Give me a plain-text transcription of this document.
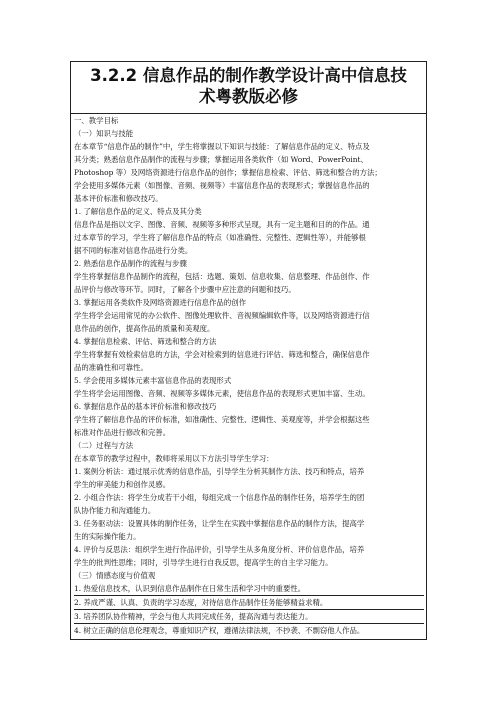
3.2.2 信息作品的制作教学设计高中信息技
术粤教版必修

一、教学目标
（一）知识与技能
在本章节“信息作品的制作”中，学生将掌握以下知识与技能：了解信息作品的定义、特点及
其分类；熟悉信息作品制作的流程与步骤；掌握运用各类软件（如 Word、PowerPoint、
Photoshop 等）及网络资源进行信息作品的创作；掌握信息检索、评估、筛选和整合的方法；
学会使用多媒体元素（如图像、音频、视频等）丰富信息作品的表现形式；掌握信息作品的
基本评价标准和修改技巧。
1. 了解信息作品的定义、特点及其分类
信息作品是指以文字、图像、音频、视频等多种形式呈现，具有一定主题和目的的作品。通
过本章节的学习，学生将了解信息作品的特点（如准确性、完整性、逻辑性等），并能够根
据不同的标准对信息作品进行分类。
2. 熟悉信息作品制作的流程与步骤
学生将掌握信息作品制作的流程，包括：选题、策划、信息收集、信息整理、作品创作、作
品评价与修改等环节。同时，了解各个步骤中应注意的问题和技巧。
3. 掌握运用各类软件及网络资源进行信息作品的创作
学生将学会运用常见的办公软件、图像处理软件、音视频编辑软件等，以及网络资源进行信
息作品的创作，提高作品的质量和美观度。
4. 掌握信息检索、评估、筛选和整合的方法
学生将掌握有效检索信息的方法，学会对检索到的信息进行评估、筛选和整合，确保信息作
品的准确性和可靠性。
5. 学会使用多媒体元素丰富信息作品的表现形式
学生将学会运用图像、音频、视频等多媒体元素，使信息作品的表现形式更加丰富、生动。
6. 掌握信息作品的基本评价标准和修改技巧
学生将了解信息作品的评价标准，如准确性、完整性、逻辑性、美观度等，并学会根据这些
标准对作品进行修改和完善。
（二）过程与方法
在本章节的教学过程中，教师将采用以下方法引导学生学习：
1. 案例分析法：通过展示优秀的信息作品，引导学生分析其制作方法、技巧和特点，培养
学生的审美能力和创作灵感。
2. 小组合作法：将学生分成若干小组，每组完成一个信息作品的制作任务，培养学生的团
队协作能力和沟通能力。
3. 任务驱动法：设置具体的制作任务，让学生在实践中掌握信息作品的制作方法，提高学
生的实际操作能力。
4. 评价与反思法：组织学生进行作品评价，引导学生从多角度分析、评价信息作品，培养
学生的批判性思维；同时，引导学生进行自我反思，提高学生的自主学习能力。
（三）情感态度与价值观
1. 热爱信息技术，认识到信息作品制作在日常生活和学习中的重要性。
2. 养成严谨、认真、负责的学习态度，对待信息作品制作任务能够精益求精。
3. 培养团队协作精神，学会与他人共同完成任务，提高沟通与表达能力。
4. 树立正确的信息伦理观念，尊重知识产权，遵循法律法规，不抄袭、不剽窃他人作品。
